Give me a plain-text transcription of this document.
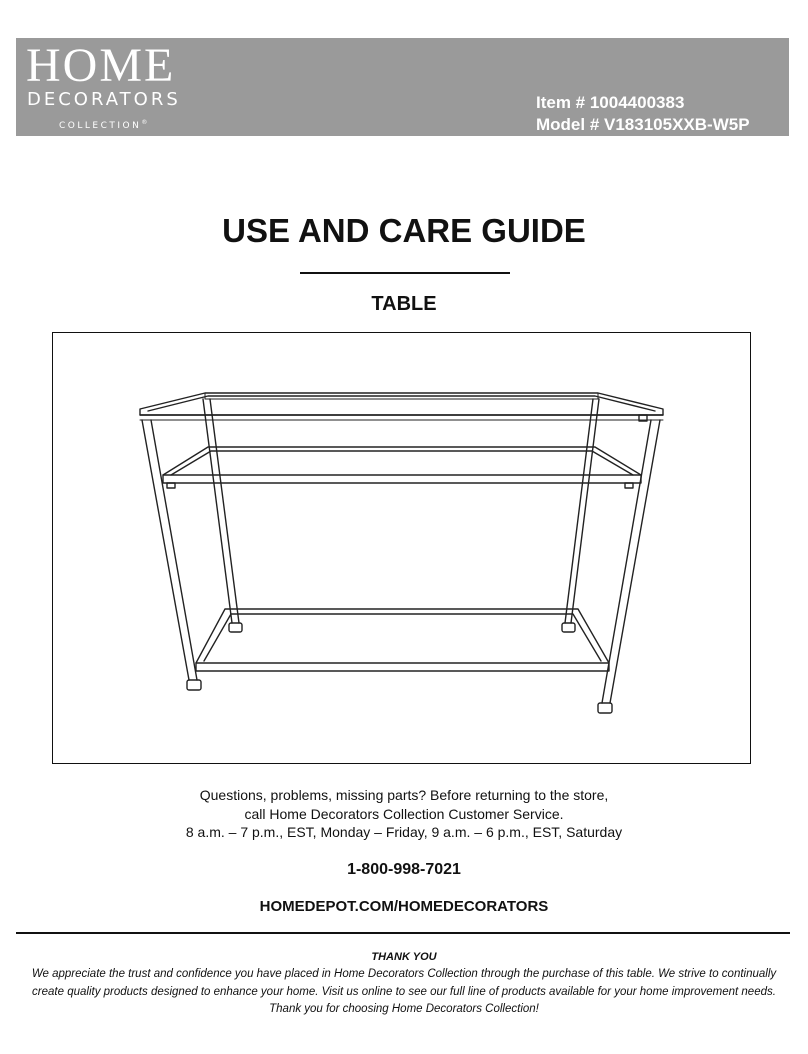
HOME
DECORATORS
COLLECTION®
Item # 1004400383
Model # V183105XXB-W5P
USE AND CARE GUIDE
TABLE
Questions, problems, missing parts? Before returning to the store,
call Home Decorators Collection Customer Service.
8 a.m. – 7 p.m., EST, Monday – Friday, 9 a.m. – 6 p.m., EST, Saturday
1-800-998-7021
HOMEDEPOT.COM/HOMEDECORATORS
THANK YOU
We appreciate the trust and confidence you have placed in Home Decorators Collection through the purchase of this table. We strive to continually create quality products designed to enhance your home. Visit us online to see our full line of products available for your home improvement needs. Thank you for choosing Home Decorators Collection!
